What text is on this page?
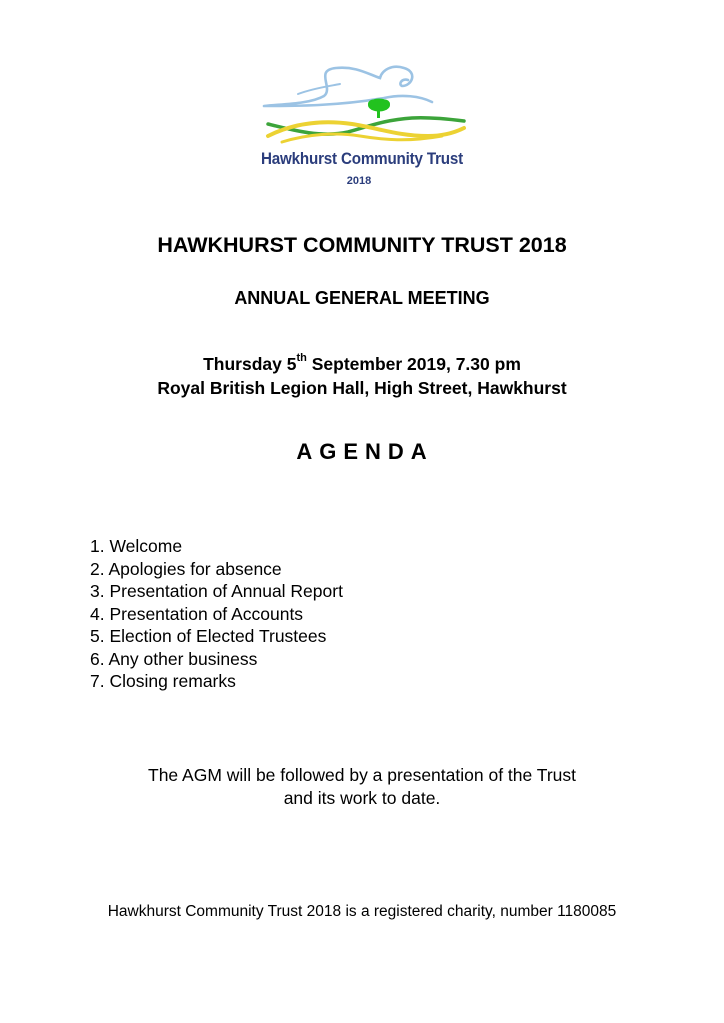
Hawkhurst Community Trust
2018
HAWKHURST COMMUNITY TRUST 2018
ANNUAL GENERAL MEETING
Thursday 5th September 2019, 7.30 pm
Royal British Legion Hall, High Street, Hawkhurst
AGENDA
1. Welcome
2. Apologies for absence
3. Presentation of Annual Report
4. Presentation of Accounts
5. Election of Elected Trustees
6. Any other business
7. Closing remarks
The AGM will be followed by a presentation of the Trust
and its work to date.
Hawkhurst Community Trust 2018 is a registered charity, number 1180085
